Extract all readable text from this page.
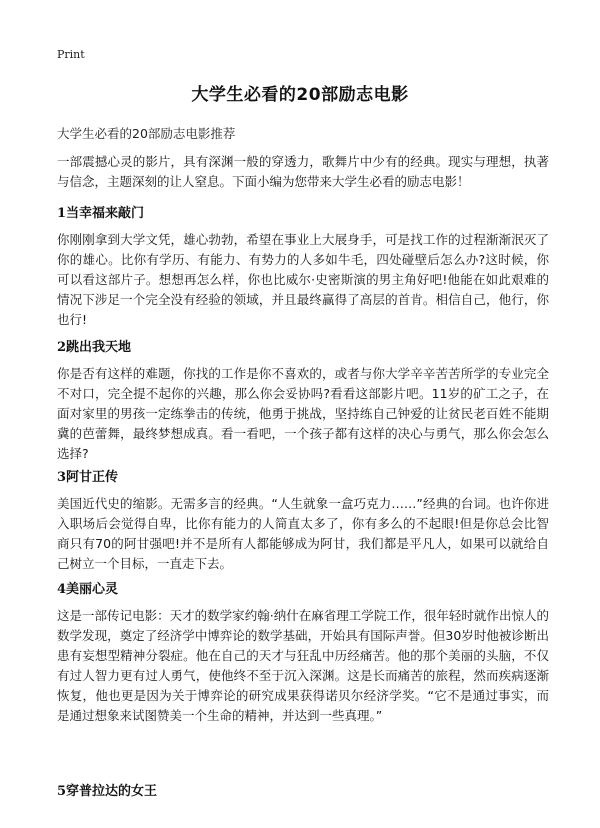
Print
大学生必看的20部励志电影
大学生必看的20部励志电影推荐
一部震撼心灵的影片，具有深渊一般的穿透力，歌舞片中少有的经典。现实与理想，执著与信念，主题深刻的让人窒息。下面小编为您带来大学生必看的励志电影！
1当幸福来敲门
你刚刚拿到大学文凭，雄心勃勃，希望在事业上大展身手，可是找工作的过程渐渐泯灭了你的雄心。比你有学历、有能力、有势力的人多如牛毛，四处碰壁后怎么办?这时候，你可以看这部片子。想想再怎么样，你也比威尔·史密斯演的男主角好吧!他能在如此艰难的情况下涉足一个完全没有经验的领域，并且最终赢得了高层的首肯。相信自己，他行，你也行!
2跳出我天地
你是否有这样的难题，你找的工作是你不喜欢的，或者与你大学辛辛苦苦所学的专业完全不对口，完全提不起你的兴趣，那么你会妥协吗?看看这部影片吧。11岁的矿工之子，在面对家里的男孩一定练拳击的传统，他勇于挑战，坚持练自己钟爱的让贫民老百姓不能期冀的芭蕾舞，最终梦想成真。看一看吧，一个孩子都有这样的决心与勇气，那么你会怎么选择?
3阿甘正传
美国近代史的缩影。无需多言的经典。“人生就象一盒巧克力……”经典的台词。也许你进入职场后会觉得自卑，比你有能力的人简直太多了，你有多么的不起眼!但是你总会比智商只有70的阿甘强吧!并不是所有人都能够成为阿甘，我们都是平凡人，如果可以就给自己树立一个目标，一直走下去。
4美丽心灵
这是一部传记电影：天才的数学家约翰·纳什在麻省理工学院工作，很年轻时就作出惊人的数学发现，奠定了经济学中博弈论的数学基础，开始具有国际声誉。但30岁时他被诊断出患有妄想型精神分裂症。他在自己的天才与狂乱中历经痛苦。他的那个美丽的头脑，不仅有过人智力更有过人勇气，使他终不至于沉入深渊。这是长而痛苦的旅程，然而疾病逐渐恢复，他也更是因为关于博弈论的研究成果获得诺贝尔经济学奖。“它不是通过事实，而是通过想象来试图赞美一个生命的精神，并达到一些真理。”
5穿普拉达的女王
